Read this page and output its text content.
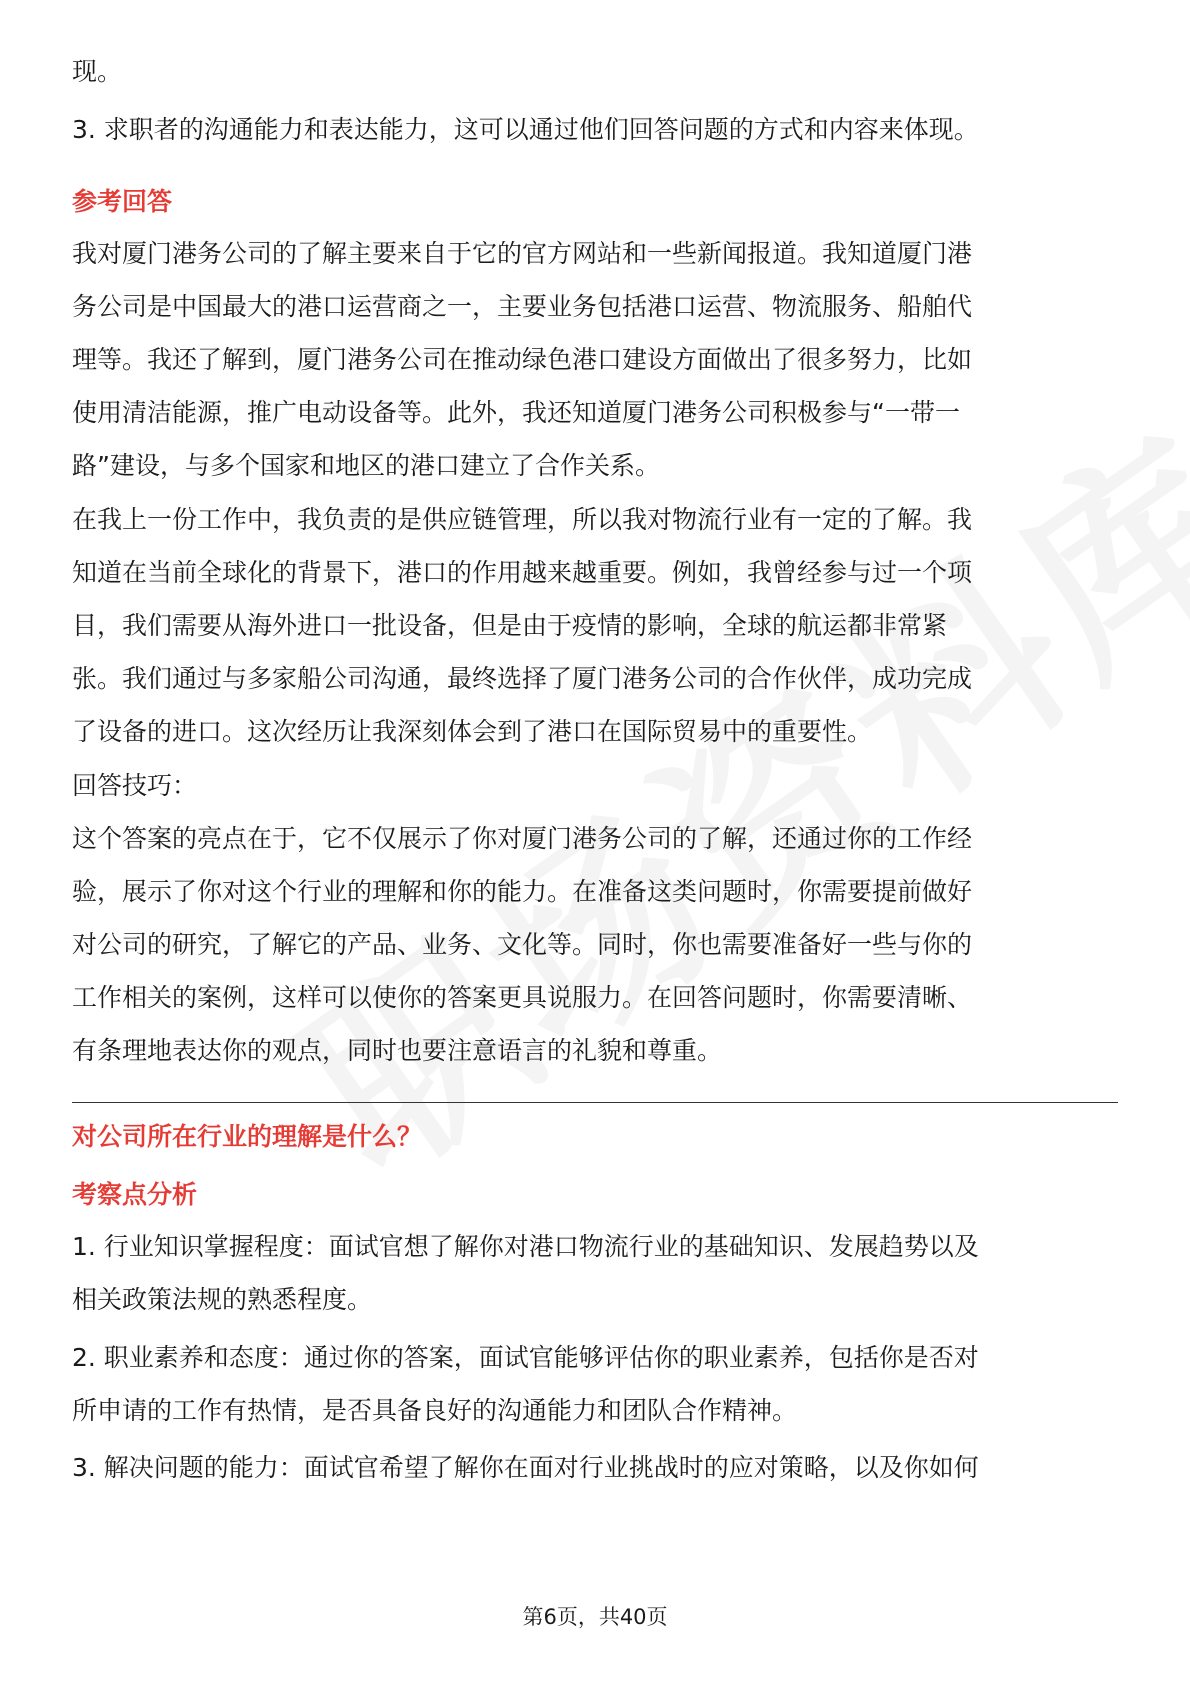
现。
3. 求职者的沟通能力和表达能力，这可以通过他们回答问题的方式和内容来体现。
参考回答
我对厦门港务公司的了解主要来自于它的官方网站和一些新闻报道。我知道厦门港
务公司是中国最大的港口运营商之一，主要业务包括港口运营、物流服务、船舶代
理等。我还了解到，厦门港务公司在推动绿色港口建设方面做出了很多努力，比如
使用清洁能源，推广电动设备等。此外，我还知道厦门港务公司积极参与“一带一
路”建设，与多个国家和地区的港口建立了合作关系。
在我上一份工作中，我负责的是供应链管理，所以我对物流行业有一定的了解。我
知道在当前全球化的背景下，港口的作用越来越重要。例如，我曾经参与过一个项
目，我们需要从海外进口一批设备，但是由于疫情的影响，全球的航运都非常紧
张。我们通过与多家船公司沟通，最终选择了厦门港务公司的合作伙伴，成功完成
了设备的进口。这次经历让我深刻体会到了港口在国际贸易中的重要性。
回答技巧：
这个答案的亮点在于，它不仅展示了你对厦门港务公司的了解，还通过你的工作经
验，展示了你对这个行业的理解和你的能力。在准备这类问题时，你需要提前做好
对公司的研究，了解它的产品、业务、文化等。同时，你也需要准备好一些与你的
工作相关的案例，这样可以使你的答案更具说服力。在回答问题时，你需要清晰、
有条理地表达你的观点，同时也要注意语言的礼貌和尊重。
对公司所在行业的理解是什么？
考察点分析
1. 行业知识掌握程度：面试官想了解你对港口物流行业的基础知识、发展趋势以及
相关政策法规的熟悉程度。
2. 职业素养和态度：通过你的答案，面试官能够评估你的职业素养，包括你是否对
所申请的工作有热情，是否具备良好的沟通能力和团队合作精神。
3. 解决问题的能力：面试官希望了解你在面对行业挑战时的应对策略，以及你如何
第6页，共40页
